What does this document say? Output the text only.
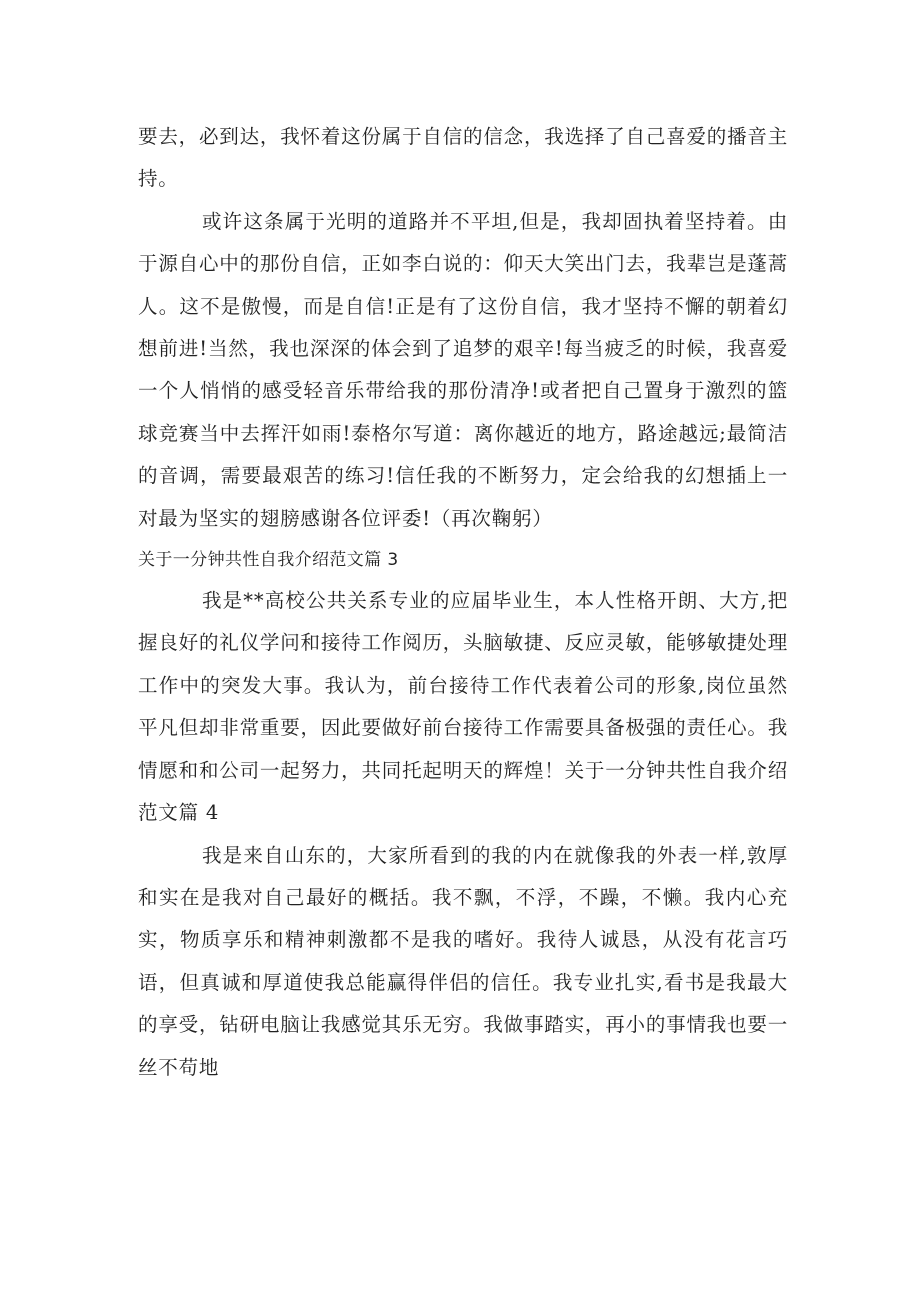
要去，必到达，我怀着这份属于自信的信念，我选择了自己喜爱的播音主持。

或许这条属于光明的道路并不平坦,但是，我却固执着坚持着。由于源自心中的那份自信，正如李白说的：仰天大笑出门去，我辈岂是蓬蒿人。这不是傲慢，而是自信!正是有了这份自信，我才坚持不懈的朝着幻想前进!当然，我也深深的体会到了追梦的艰辛!每当疲乏的时候，我喜爱一个人悄悄的感受轻音乐带给我的那份清净!或者把自己置身于激烈的篮球竞赛当中去挥汗如雨!泰格尔写道：离你越近的地方，路途越远;最简洁的音调，需要最艰苦的练习!信任我的不断努力，定会给我的幻想插上一对最为坚实的翅膀感谢各位评委!（再次鞠躬）

关于一分钟共性自我介绍范文篇 3

我是**高校公共关系专业的应届毕业生，本人性格开朗、大方,把握良好的礼仪学问和接待工作阅历，头脑敏捷、反应灵敏，能够敏捷处理工作中的突发大事。我认为，前台接待工作代表着公司的形象,岗位虽然平凡但却非常重要，因此要做好前台接待工作需要具备极强的责任心。我情愿和和公司一起努力，共同托起明天的辉煌！关于一分钟共性自我介绍范文篇 4

我是来自山东的，大家所看到的我的内在就像我的外表一样,敦厚和实在是我对自己最好的概括。我不飘，不浮，不躁，不懒。我内心充实，物质享乐和精神刺激都不是我的嗜好。我待人诚恳，从没有花言巧语，但真诚和厚道使我总能赢得伴侣的信任。我专业扎实,看书是我最大的享受，钻研电脑让我感觉其乐无穷。我做事踏实，再小的事情我也要一丝不苟地
